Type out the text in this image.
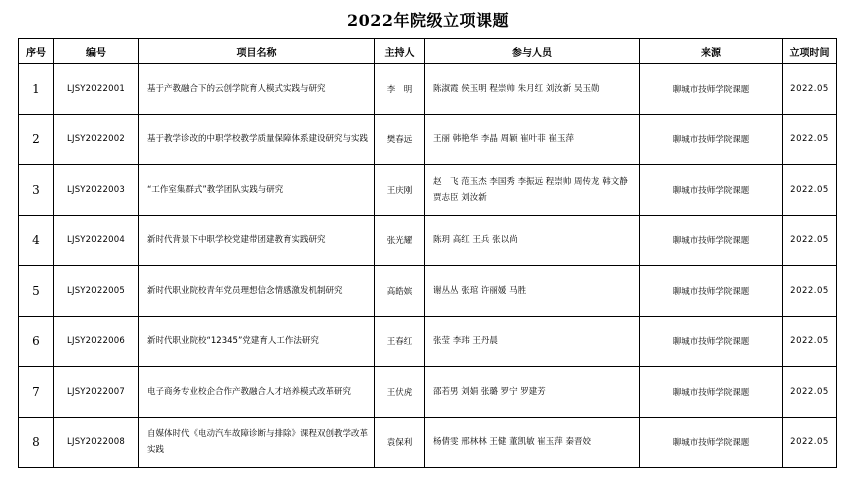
2022年院级立项课题
序号	编号	项目名称	主持人	参与人员	来源	立项时间
1	LJSY2022001	基于产教融合下的云创学院育人模式实践与研究	李　明	陈淑霞 侯玉明 程崇帅 朱月红 刘汝新 吴玉勋	聊城市技师学院课题	2022.05
2	LJSY2022002	基于教学诊改的中职学校教学质量保障体系建设研究与实践	樊春远	王丽 韩艳华 李晶 周颖 崔叶菲 崔玉萍	聊城市技师学院课题	2022.05
3	LJSY2022003	“工作室集群式”教学团队实践与研究	王庆刚	赵　飞 范玉杰 李国秀 李振远 程崇帅 周传龙 韩文静 贾志臣 刘汝新	聊城市技师学院课题	2022.05
4	LJSY2022004	新时代背景下中职学校党建带团建教育实践研究	张光耀	陈玥 高红 王兵 张以尚	聊城市技师学院课题	2022.05
5	LJSY2022005	新时代职业院校青年党员理想信念情感激发机制研究	高皓嫔	谢丛丛 张琯 许丽媛 马胜	聊城市技师学院课题	2022.05
6	LJSY2022006	新时代职业院校“12345”党建育人工作法研究	王春红	张莹 李玮 王丹晨	聊城市技师学院课题	2022.05
7	LJSY2022007	电子商务专业校企合作产教融合人才培养模式改革研究	王伏虎	邵若男 刘娟 张璐 罗宁 罗建芳	聊城市技师学院课题	2022.05
8	LJSY2022008	自媒体时代《电动汽车故障诊断与排除》课程双创教学改革实践	袁保利	杨倩雯 邢林林 王健 董凯敏 崔玉萍 秦晋姣	聊城市技师学院课题	2022.05
